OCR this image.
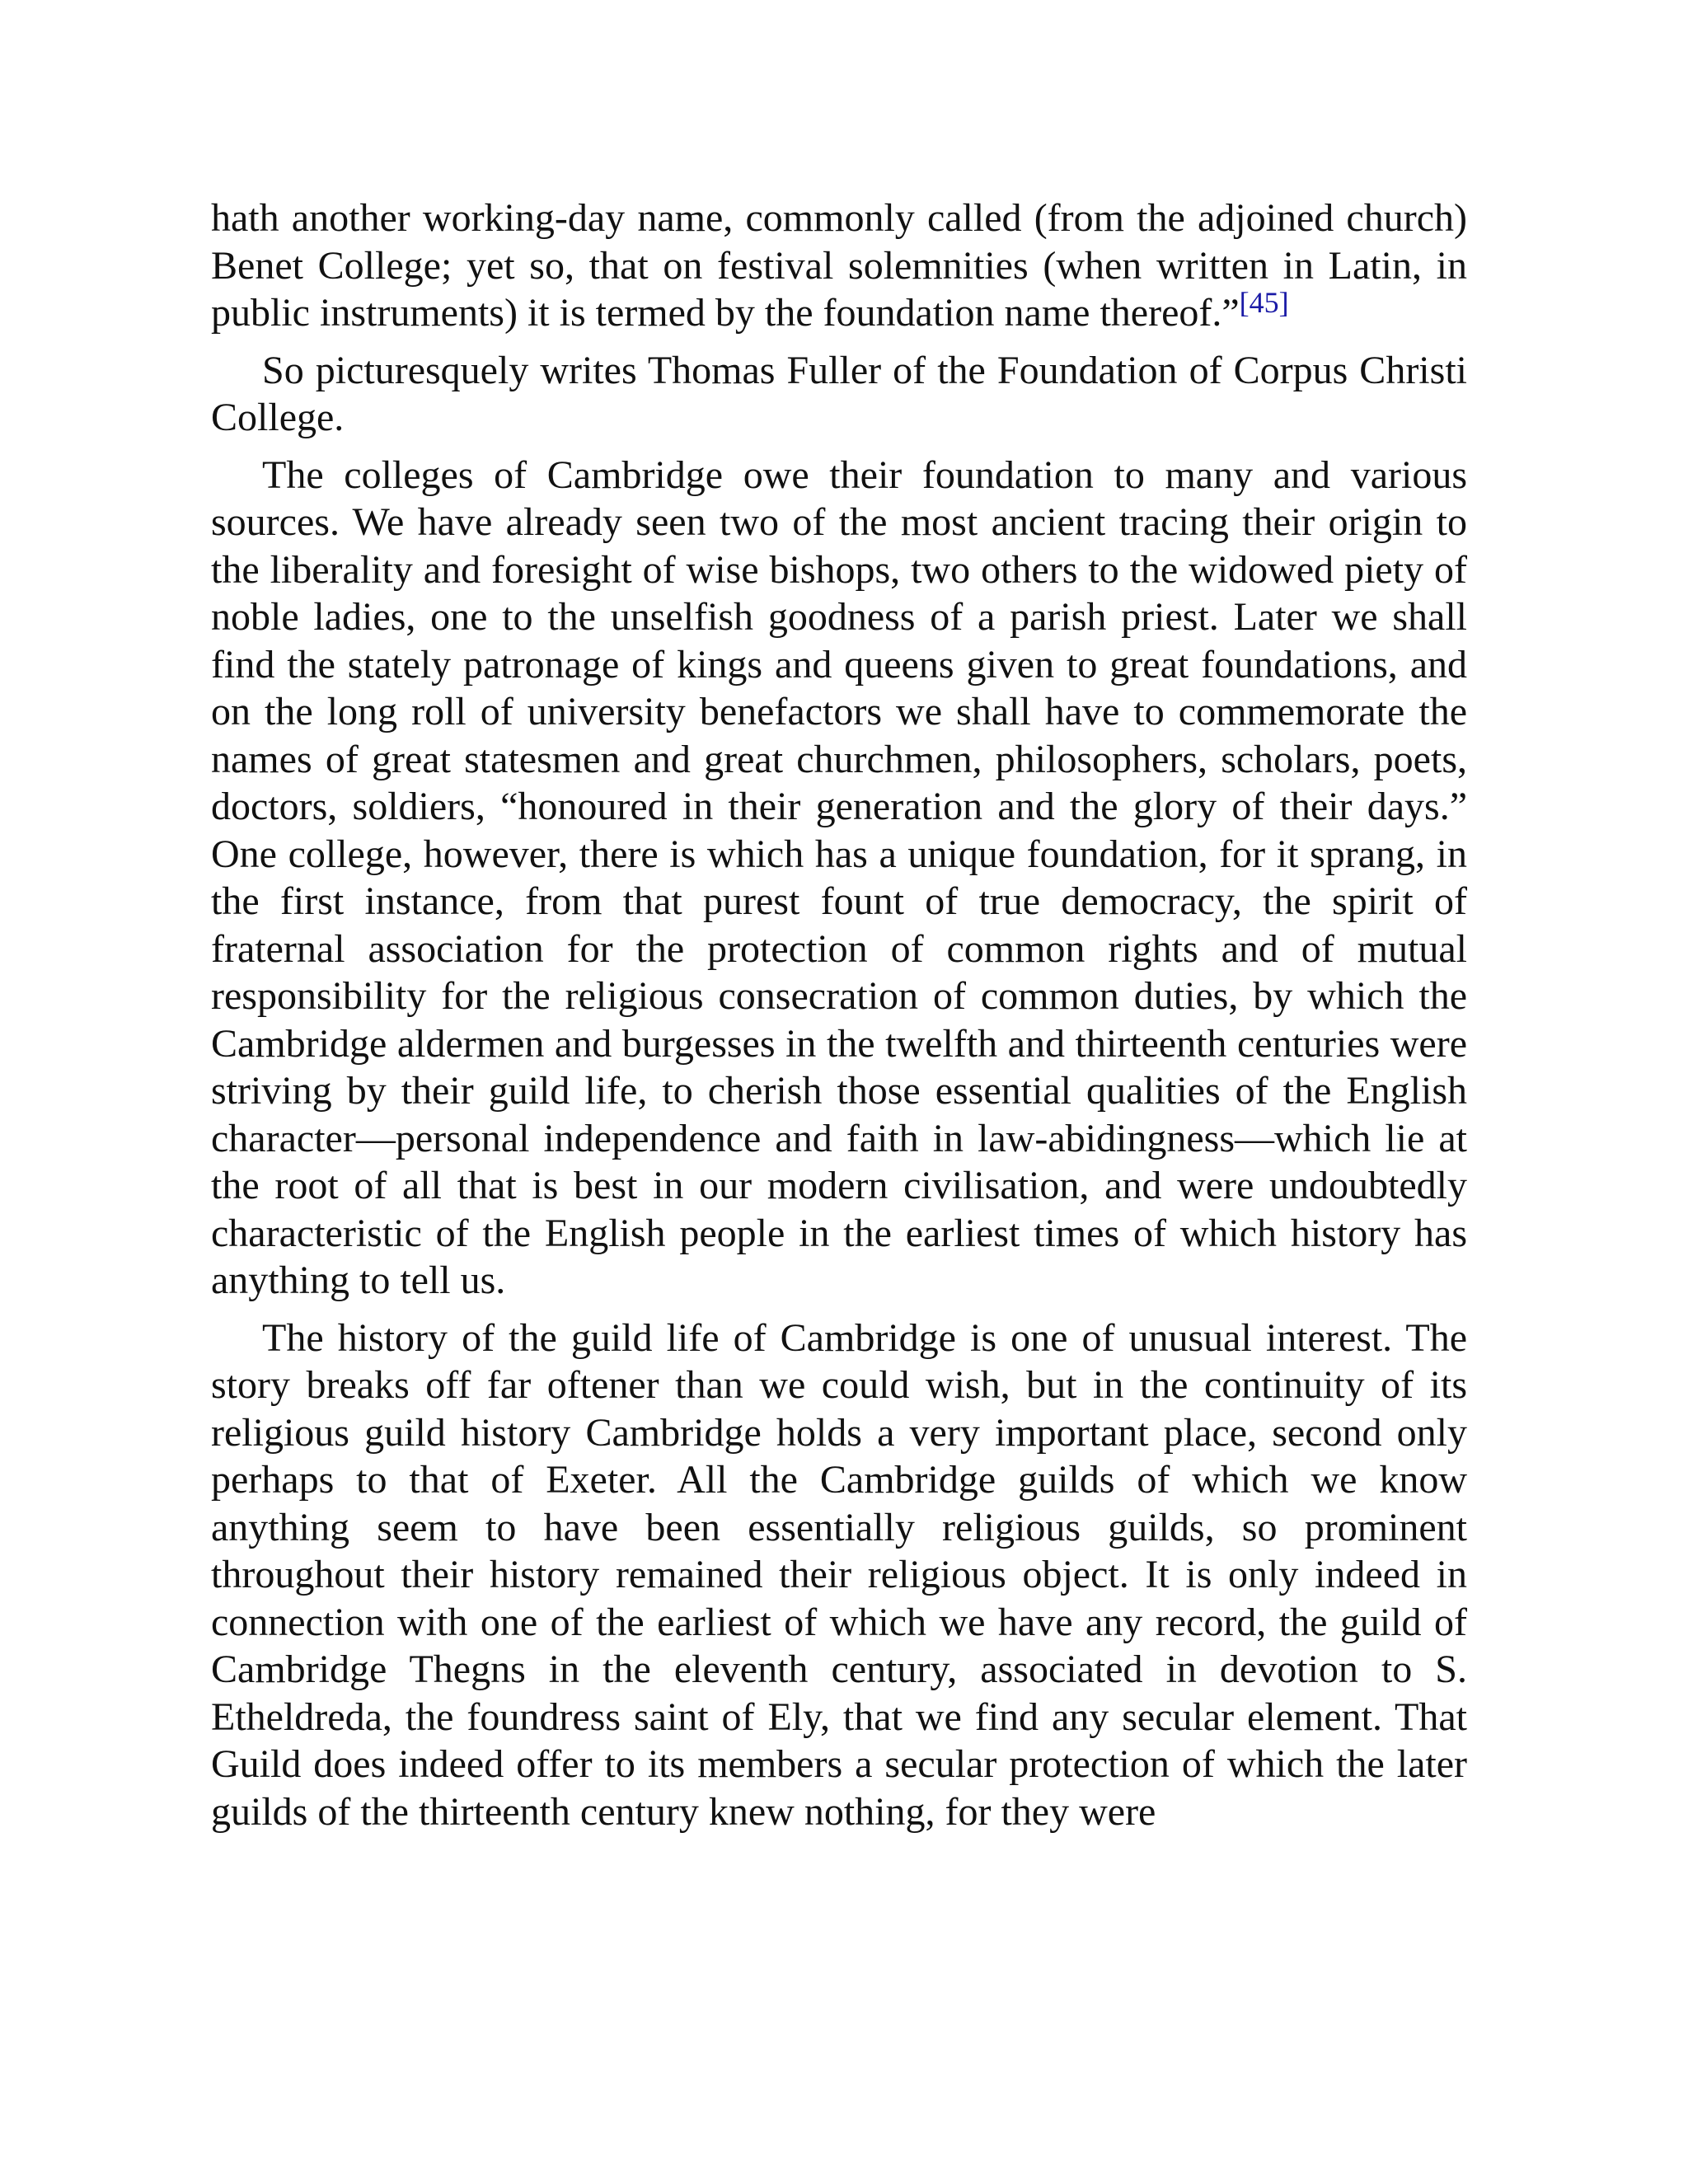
hath another working-day name, commonly called (from the adjoined church) Benet College; yet so, that on festival solemnities (when written in Latin, in public instruments) it is termed by the foundation name thereof.”[45]

So picturesquely writes Thomas Fuller of the Foundation of Corpus Christi College.

The colleges of Cambridge owe their foundation to many and various sources. We have already seen two of the most ancient tracing their origin to the liberality and foresight of wise bishops, two others to the widowed piety of noble ladies, one to the unselfish goodness of a parish priest. Later we shall find the stately patronage of kings and queens given to great foundations, and on the long roll of university benefactors we shall have to commemorate the names of great statesmen and great churchmen, philosophers, scholars, poets, doctors, soldiers, “honoured in their generation and the glory of their days.” One college, however, there is which has a unique foundation, for it sprang, in the first instance, from that purest fount of true democracy, the spirit of fraternal association for the protection of common rights and of mutual responsibility for the religious consecration of common duties, by which the Cambridge aldermen and burgesses in the twelfth and thirteenth centuries were striving by their guild life, to cherish those essential qualities of the English character—personal independence and faith in law-abidingness—which lie at the root of all that is best in our modern civilisation, and were undoubtedly characteristic of the English people in the earliest times of which history has anything to tell us.

The history of the guild life of Cambridge is one of unusual interest. The story breaks off far oftener than we could wish, but in the continuity of its religious guild history Cambridge holds a very important place, second only perhaps to that of Exeter. All the Cambridge guilds of which we know anything seem to have been essentially religious guilds, so prominent throughout their history remained their religious object. It is only indeed in connection with one of the earliest of which we have any record, the guild of Cambridge Thegns in the eleventh century, associated in devotion to S. Etheldreda, the foundress saint of Ely, that we find any secular element. That Guild does indeed offer to its members a secular protection of which the later guilds of the thirteenth century knew nothing, for they were
